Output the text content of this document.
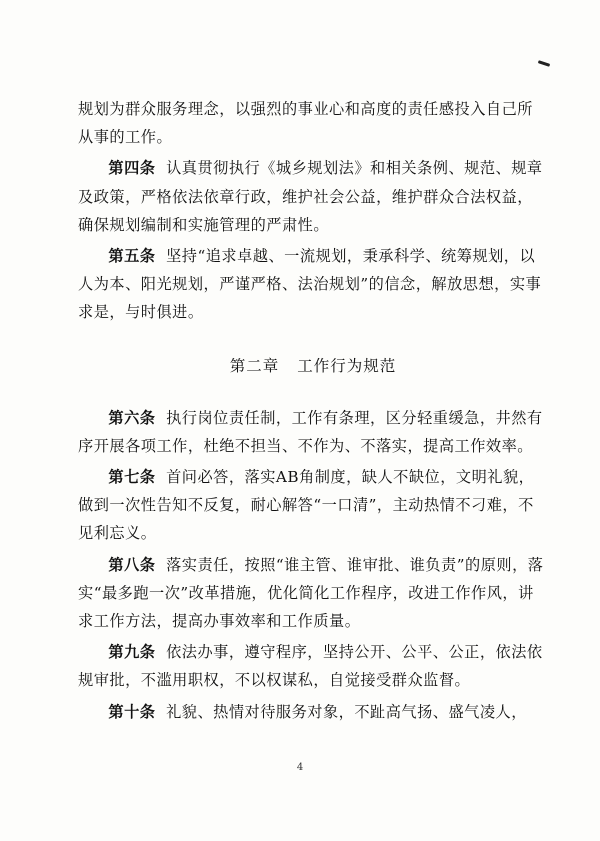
规划为群众服务理念，以强烈的事业心和高度的责任感投入自己所从事的工作。

第四条 认真贯彻执行《城乡规划法》和相关条例、规范、规章及政策，严格依法依章行政，维护社会公益，维护群众合法权益，确保规划编制和实施管理的严肃性。

第五条 坚持“追求卓越、一流规划，秉承科学、统筹规划，以人为本、阳光规划，严谨严格、法治规划”的信念，解放思想，实事求是，与时俱进。

第二章 工作行为规范

第六条 执行岗位责任制，工作有条理，区分轻重缓急，井然有序开展各项工作，杜绝不担当、不作为、不落实，提高工作效率。

第七条 首问必答，落实AB角制度，缺人不缺位，文明礼貌，做到一次性告知不反复，耐心解答“一口清”，主动热情不刁难，不见利忘义。

第八条 落实责任，按照“谁主管、谁审批、谁负责”的原则，落实“最多跑一次”改革措施，优化简化工作程序，改进工作作风，讲求工作方法，提高办事效率和工作质量。

第九条 依法办事，遵守程序，坚持公开、公平、公正，依法依规审批，不滥用职权，不以权谋私，自觉接受群众监督。

第十条 礼貌、热情对待服务对象，不趾高气扬、盛气凌人，

4
